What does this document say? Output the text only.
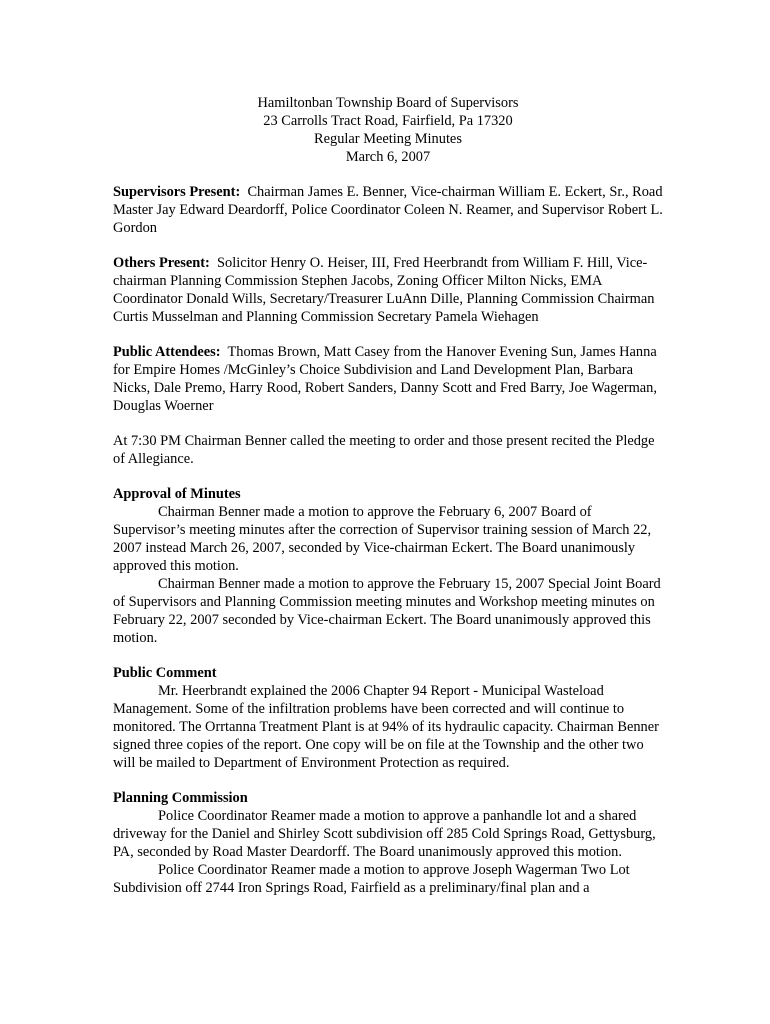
Hamiltonban Township Board of Supervisors
23 Carrolls Tract Road, Fairfield, Pa 17320
Regular Meeting Minutes
March 6, 2007

Supervisors Present: Chairman James E. Benner, Vice-chairman William E. Eckert, Sr., Road Master Jay Edward Deardorff, Police Coordinator Coleen N. Reamer, and Supervisor Robert L. Gordon

Others Present: Solicitor Henry O. Heiser, III, Fred Heerbrandt from William F. Hill, Vice-chairman Planning Commission Stephen Jacobs, Zoning Officer Milton Nicks, EMA Coordinator Donald Wills, Secretary/Treasurer LuAnn Dille, Planning Commission Chairman Curtis Musselman and Planning Commission Secretary Pamela Wiehagen

Public Attendees: Thomas Brown, Matt Casey from the Hanover Evening Sun, James Hanna for Empire Homes /McGinley’s Choice Subdivision and Land Development Plan, Barbara Nicks, Dale Premo, Harry Rood, Robert Sanders, Danny Scott and Fred Barry, Joe Wagerman, Douglas Woerner

At 7:30 PM Chairman Benner called the meeting to order and those present recited the Pledge of Allegiance.

Approval of Minutes

Chairman Benner made a motion to approve the February 6, 2007 Board of Supervisor’s meeting minutes after the correction of Supervisor training session of March 22, 2007 instead March 26, 2007, seconded by Vice-chairman Eckert. The Board unanimously approved this motion.

Chairman Benner made a motion to approve the February 15, 2007 Special Joint Board of Supervisors and Planning Commission meeting minutes and Workshop meeting minutes on February 22, 2007 seconded by Vice-chairman Eckert. The Board unanimously approved this motion.

Public Comment

Mr. Heerbrandt explained the 2006 Chapter 94 Report - Municipal Wasteload Management. Some of the infiltration problems have been corrected and will continue to monitored. The Orrtanna Treatment Plant is at 94% of its hydraulic capacity. Chairman Benner signed three copies of the report. One copy will be on file at the Township and the other two will be mailed to Department of Environment Protection as required.

Planning Commission

Police Coordinator Reamer made a motion to approve a panhandle lot and a shared driveway for the Daniel and Shirley Scott subdivision off 285 Cold Springs Road, Gettysburg, PA, seconded by Road Master Deardorff. The Board unanimously approved this motion.

Police Coordinator Reamer made a motion to approve Joseph Wagerman Two Lot Subdivision off 2744 Iron Springs Road, Fairfield as a preliminary/final plan and a
